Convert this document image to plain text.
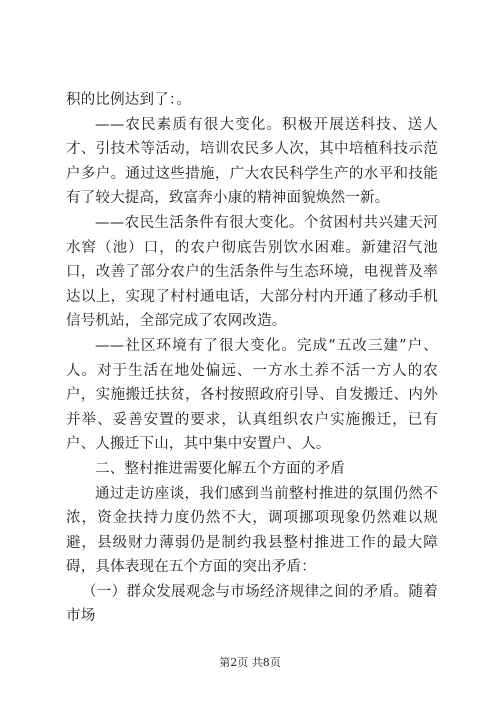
积的比例达到了：。

——农民素质有很大变化。积极开展送科技、送人才、引技术等活动，培训农民多人次，其中培植科技示范户多户。通过这些措施，广大农民科学生产的水平和技能有了较大提高，致富奔小康的精神面貌焕然一新。

——农民生活条件有很大变化。个贫困村共兴建天河水窖（池）口，的农户彻底告别饮水困难。新建沼气池口，改善了部分农户的生活条件与生态环境，电视普及率达以上，实现了村村通电话，大部分村内开通了移动手机信号机站，全部完成了农网改造。

——社区环境有了很大变化。完成“五改三建”户、人。对于生活在地处偏远、一方水土养不活一方人的农户，实施搬迁扶贫，各村按照政府引导、自发搬迁、内外并举、妥善安置的要求，认真组织农户实施搬迁，已有户、人搬迁下山，其中集中安置户、人。

二、整村推进需要化解五个方面的矛盾

通过走访座谈，我们感到当前整村推进的氛围仍然不浓，资金扶持力度仍然不大，调项挪项现象仍然难以规避，县级财力薄弱仍是制约我县整村推进工作的最大障碍，具体表现在五个方面的突出矛盾：

（一）群众发展观念与市场经济规律之间的矛盾。随着市场

第2页 共8页
